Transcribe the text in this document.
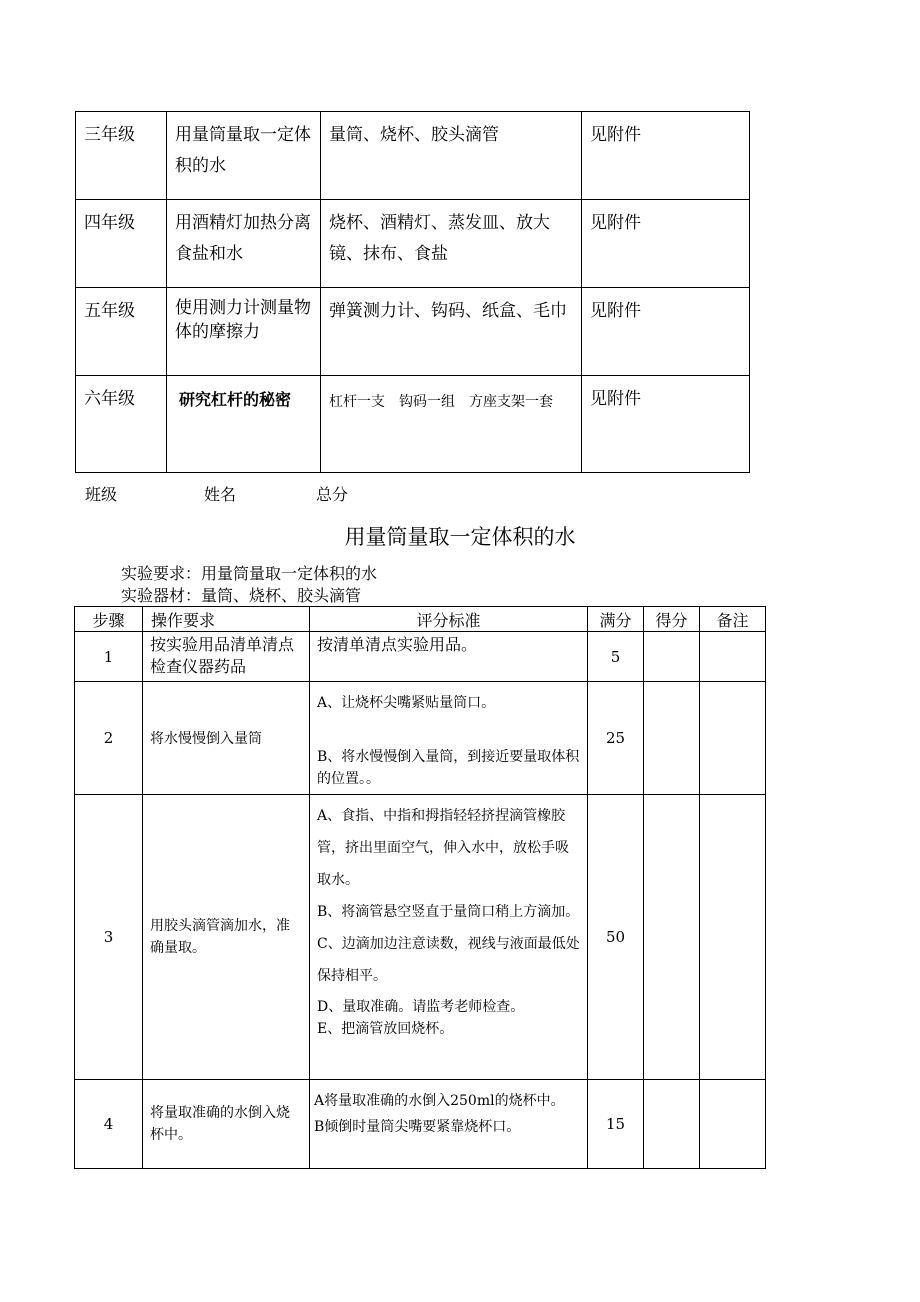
三年级	用量筒量取一定体积的水	量筒、烧杯、胶头滴管	见附件
四年级	用酒精灯加热分离食盐和水	烧杯、酒精灯、蒸发皿、放大镜、抹布、食盐	见附件
五年级	使用测力计测量物体的摩擦力	弹簧测力计、钩码、纸盒、毛巾	见附件
六年级	研究杠杆的秘密	杠杆一支　钩码一组　方座支架一套	见附件
班级	姓名	总分
用量筒量取一定体积的水
实验要求：用量筒量取一定体积的水
实验器材：量筒、烧杯、胶头滴管
步骤	操作要求	评分标准	满分	得分	备注
1	按实验用品清单清点检查仪器药品	按清单清点实验用品。	5		
2	将水慢慢倒入量筒	A、让烧杯尖嘴紧贴量筒口。
B、将水慢慢倒入量筒，到接近要量取体积的位置。。	25		
3	用胶头滴管滴加水，准确量取。	A、食指、中指和拇指轻轻挤捏滴管橡胶管，挤出里面空气，伸入水中，放松手吸取水。
B、将滴管悬空竖直于量筒口稍上方滴加。
C、边滴加边注意读数，视线与液面最低处保持相平。
D、量取准确。请监考老师检查。
E、把滴管放回烧杯。	50		
4	将量取准确的水倒入烧杯中。	A将量取准确的水倒入250ml的烧杯中。
B倾倒时量筒尖嘴要紧靠烧杯口。	15		
